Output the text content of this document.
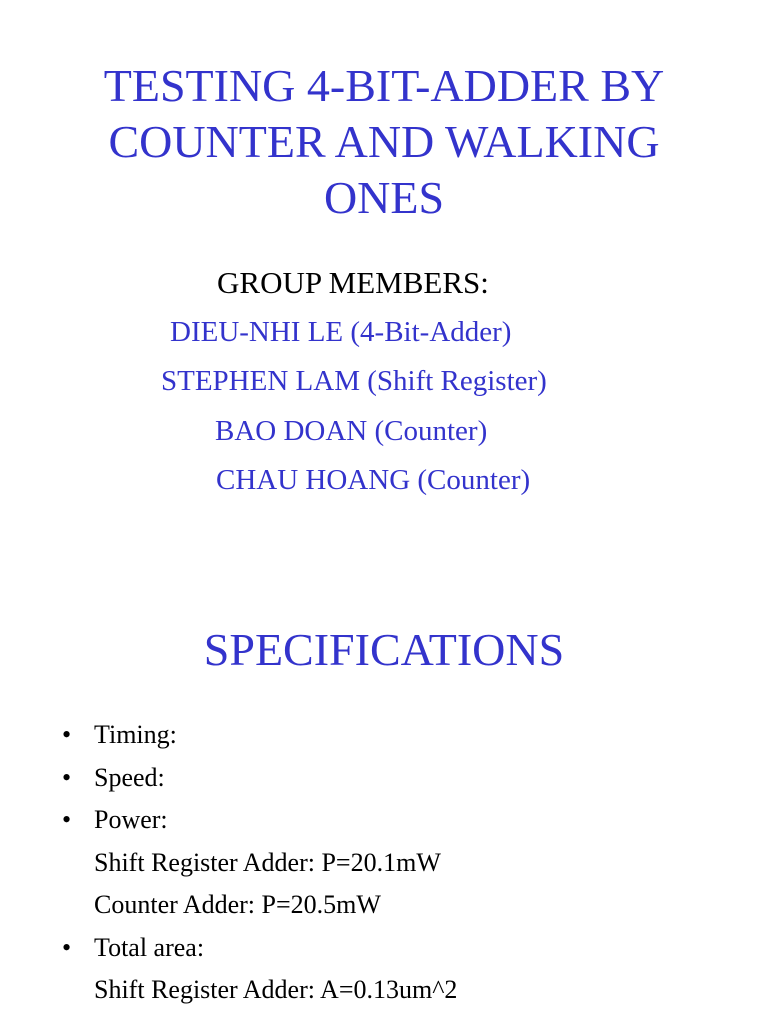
TESTING 4-BIT-ADDER BY
COUNTER AND WALKING
ONES
GROUP MEMBERS:
DIEU-NHI LE (4-Bit-Adder)
STEPHEN LAM (Shift Register)
BAO DOAN (Counter)
CHAU HOANG (Counter)
SPECIFICATIONS
• Timing:
• Speed:
• Power:
Shift Register Adder: P=20.1mW
Counter Adder: P=20.5mW
• Total area:
Shift Register Adder: A=0.13um^2
